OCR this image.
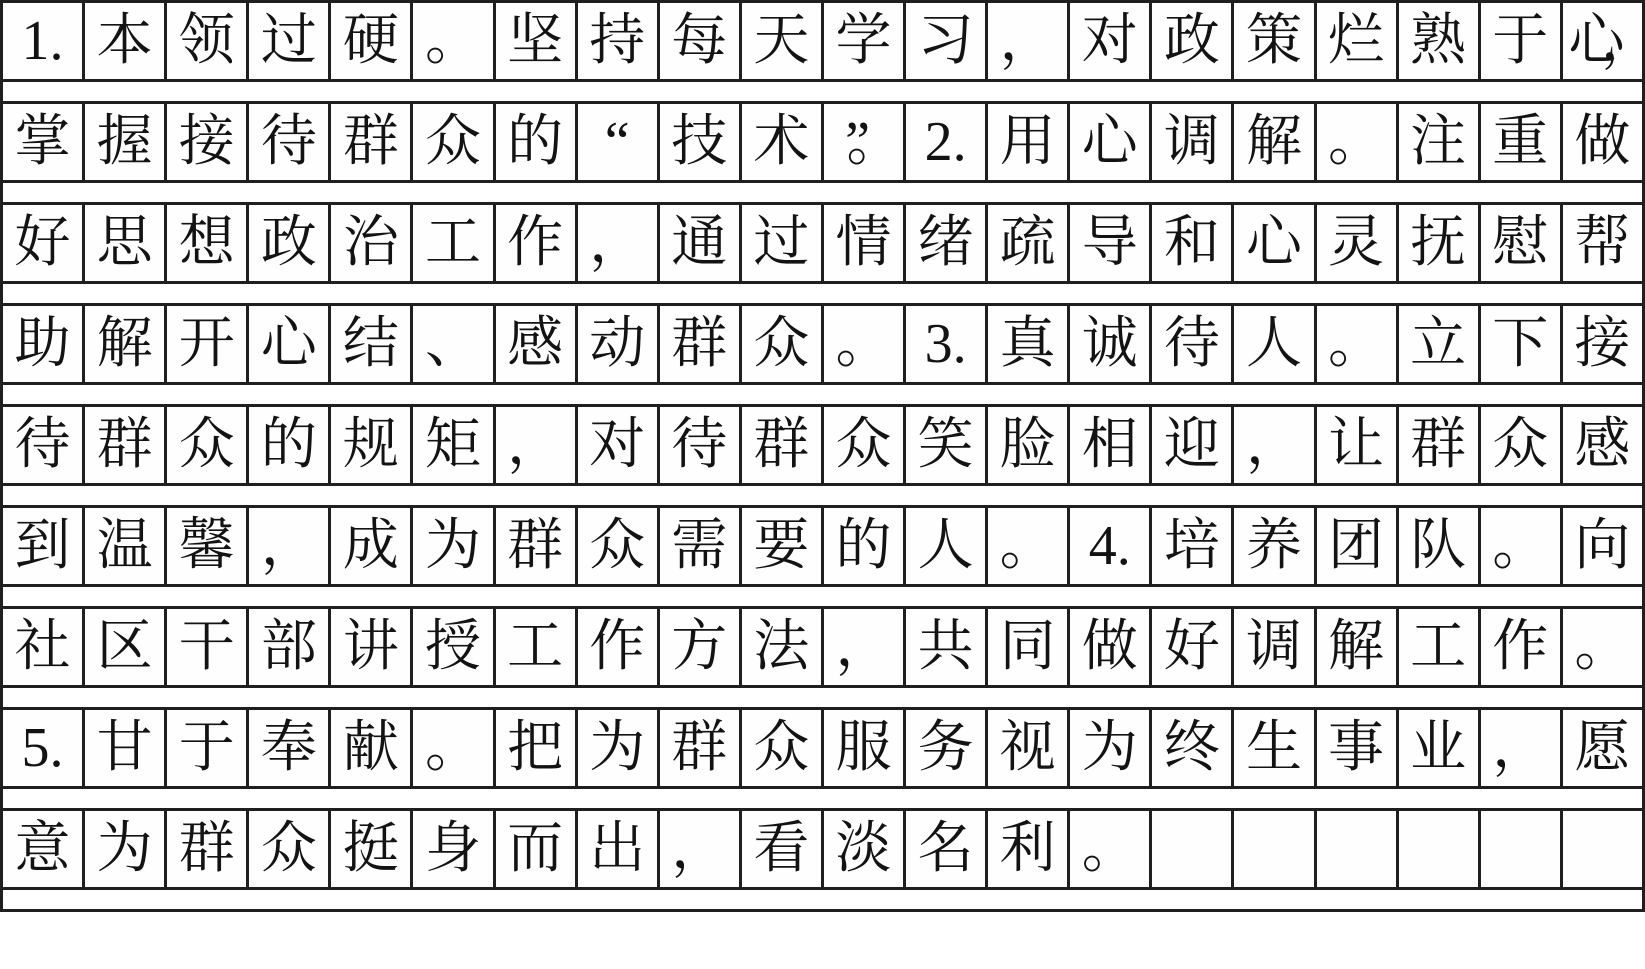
1.	本	领	过	硬	。	坚	持	每	天	学	习	，	对	政	策	烂	熟	于	心，

掌	握	接	待	群	众	的	“	技	术	”。	2.	用	心	调	解	。	注	重	做

好	思	想	政	治	工	作	，	通	过	情	绪	疏	导	和	心	灵	抚	慰	帮

助	解	开	心	结	、	感	动	群	众	。	3.	真	诚	待	人	。	立	下	接

待	群	众	的	规	矩	，	对	待	群	众	笑	脸	相	迎	，	让	群	众	感

到	温	馨	，	成	为	群	众	需	要	的	人	。	4.	培	养	团	队	。	向

社	区	干	部	讲	授	工	作	方	法	，	共	同	做	好	调	解	工	作	。

5.	甘	于	奉	献	。	把	为	群	众	服	务	视	为	终	生	事	业	，	愿

意	为	群	众	挺	身	而	出	，	看	淡	名	利	。						
